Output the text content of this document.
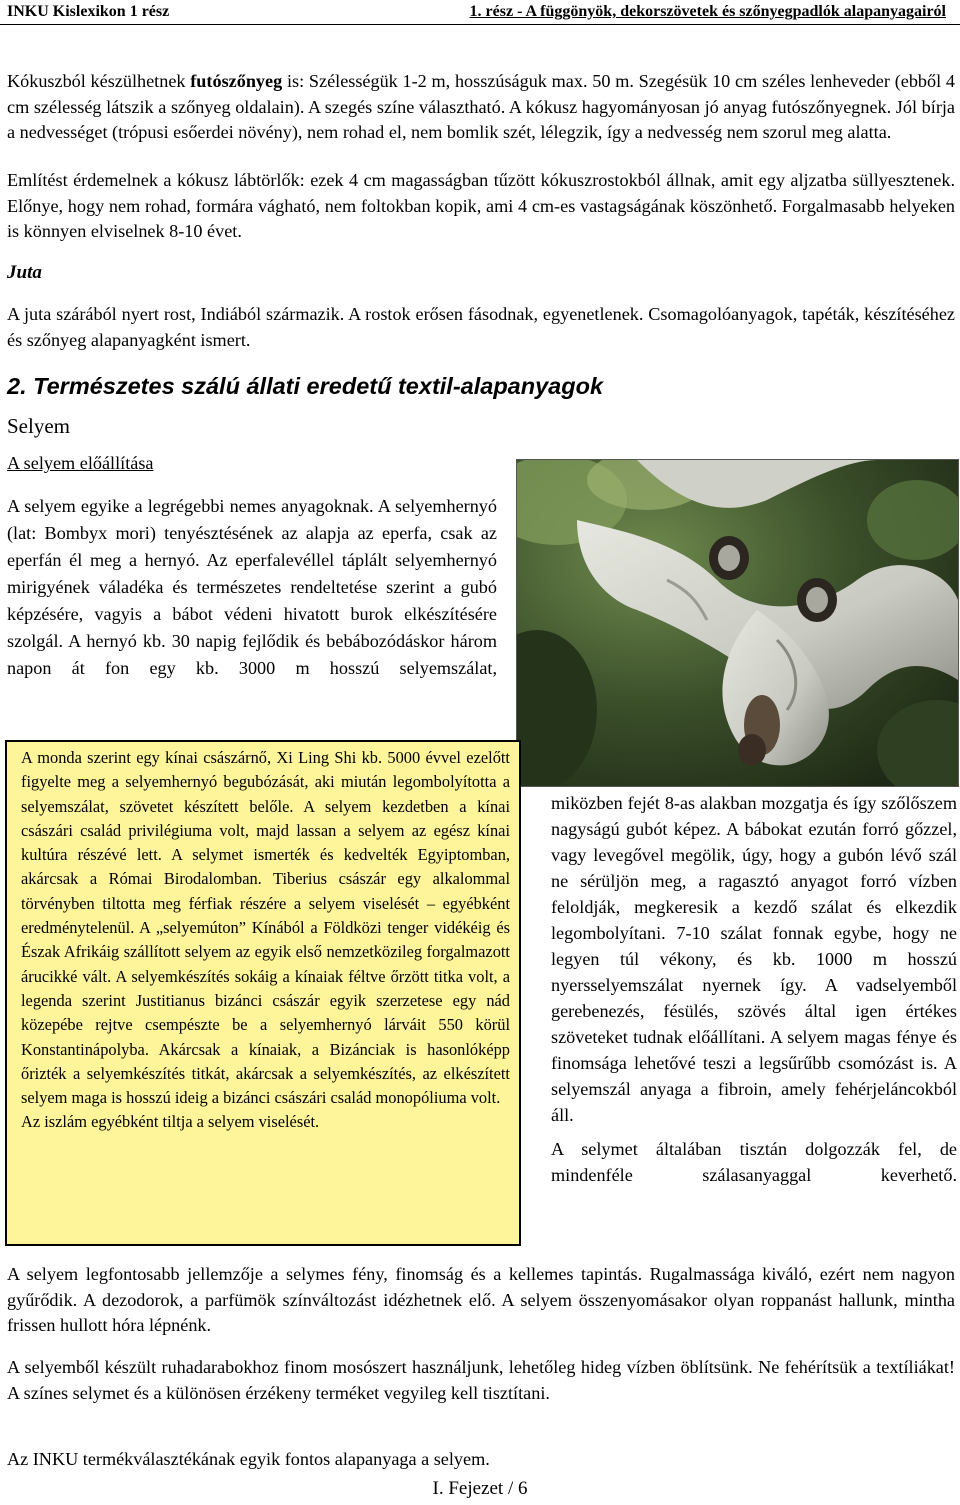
INKU Kislexikon 1 rész	1. rész - A függönyök, dekorszövetek és szőnyegpadlók alapanyagairól

Kókuszból készülhetnek futószőnyeg is: Szélességük 1-2 m, hosszúságuk max. 50 m. Szegésük 10 cm széles lenheveder (ebből 4 cm szélesség látszik a szőnyeg oldalain). A szegés színe választható. A kókusz hagyományosan jó anyag futószőnyegnek. Jól bírja a nedvességet (trópusi esőerdei növény), nem rohad el, nem bomlik szét, lélegzik, így a nedvesség nem szorul meg alatta.

Említést érdemelnek a kókusz lábtörlők: ezek 4 cm magasságban tűzött kókuszrostokból állnak, amit egy aljzatba süllyesztenek. Előnye, hogy nem rohad, formára vágható, nem foltokban kopik, ami 4 cm-es vastagságának köszönhető. Forgalmasabb helyeken is könnyen elviselnek 8-10 évet.

Juta

A juta szárából nyert rost, Indiából származik. A rostok erősen fásodnak, egyenetlenek. Csomagolóanyagok, tapéták, készítéséhez és szőnyeg alapanyagként ismert.

2. Természetes szálú állati eredetű textil-alapanyagok
Selyem
A selyem előállítása
A selyem egyike a legrégebbi nemes anyagoknak. A selyemhernyó (lat: Bombyx mori) tenyésztésének az alapja az eperfa, csak az eperfán él meg a hernyó. Az eperfalevéllel táplált selyemhernyó mirigyének váladéka és természetes rendeltetése szerint a gubó képzésére, vagyis a bábot védeni hivatott burok elkészítésére szolgál. A hernyó kb. 30 napig fejlődik és bebábozódáskor három napon át fon egy kb. 3000 m hosszú selyemszálat,
A monda szerint egy kínai császárnő, Xi Ling Shi kb. 5000 évvel ezelőtt figyelte meg a selyemhernyó begubózását, aki miután legombolyította a selyemszálat, szövetet készített belőle. A selyem kezdetben a kínai császári család privilégiuma volt, majd lassan a selyem az egész kínai kultúra részévé lett. A selymet ismerték és kedvelték Egyiptomban, akárcsak a Római Birodalomban. Tiberius császár egy alkalommal törvényben tiltotta meg férfiak részére a selyem viselését – egyébként eredménytelenül. A „selyemúton” Kínából a Földközi tenger vidékéig és Észak Afrikáig szállított selyem az egyik első nemzetközileg forgalmazott árucikké vált. A selyemkészítés sokáig a kínaiak féltve őrzött titka volt, a legenda szerint Justitianus bizánci császár egyik szerzetese egy nád közepébe rejtve csempészte be a selyemhernyó lárváit 550 körül Konstantinápolyba. Akárcsak a kínaiak, a Bizánciak is hasonlóképp őrizték a selyemkészítés titkát, akárcsak a selyemkészítés, az elkészített selyem maga is hosszú ideig a bizánci császári család monopóliuma volt.
Az iszlám egyébként tiltja a selyem viselését.

miközben fejét 8-as alakban mozgatja és így szőlőszem nagyságú gubót képez. A bábokat ezután forró gőzzel, vagy levegővel megölik, úgy, hogy a gubón lévő szál ne sérüljön meg, a ragasztó anyagot forró vízben feloldják, megkeresik a kezdő szálat és elkezdik legombolyítani. 7-10 szálat fonnak egybe, hogy ne legyen túl vékony, és kb. 1000 m hosszú nyersselyemszálat nyernek így. A vadselyemből gerebenezés, fésülés, szövés által igen értékes szöveteket tudnak előállítani. A selyem magas fénye és finomsága lehetővé teszi a legsűrűbb csomózást is. A selyemszál anyaga a fibroin, amely fehérjeláncokból áll.

A selymet általában tisztán dolgozzák fel, de mindenféle szálasanyaggal keverhető.

A selyem legfontosabb jellemzője a selymes fény, finomság és a kellemes tapintás. Rugalmassága kiváló, ezért nem nagyon gyűrődik. A dezodorok, a parfümök színváltozást idézhetnek elő. A selyem összenyomásakor olyan roppanást hallunk, mintha frissen hullott hóra lépnénk.

A selyemből készült ruhadarabokhoz finom mosószert használjunk, lehetőleg hideg vízben öblítsünk. Ne fehérítsük a textíliákat! A színes selymet és a különösen érzékeny terméket vegyileg kell tisztítani.

Az INKU termékválasztékának egyik fontos alapanyaga a selyem.

I. Fejezet / 6
